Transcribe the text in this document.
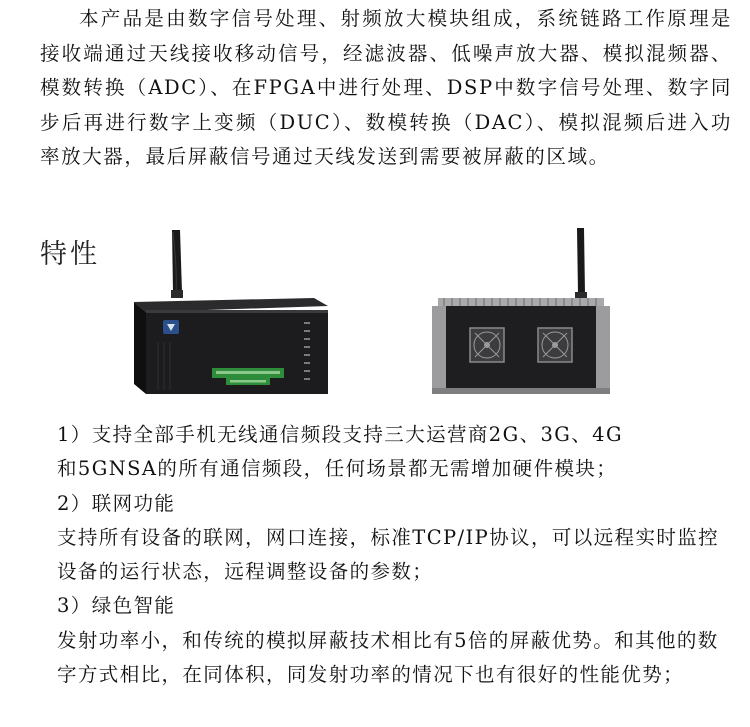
本产品是由数字信号处理、射频放大模块组成，系统链路工作原理是接收端通过天线接收移动信号，经滤波器、低噪声放大器、模拟混频器、模数转换（ADC）、在FPGA中进行处理、DSP中数字信号处理、数字同步后再进行数字上变频（DUC）、数模转换（DAC）、模拟混频后进入功率放大器，最后屏蔽信号通过天线发送到需要被屏蔽的区域。

特性
1）支持全部手机无线通信频段支持三大运营商2G、3G、4G
和5GNSA的所有通信频段，任何场景都无需增加硬件模块；
2）联网功能
支持所有设备的联网，网口连接，标准TCP/IP协议，可以远程实时监控设备的运行状态，远程调整设备的参数；
3）绿色智能
发射功率小，和传统的模拟屏蔽技术相比有5倍的屏蔽优势。和其他的数字方式相比，在同体积，同发射功率的情况下也有很好的性能优势；
